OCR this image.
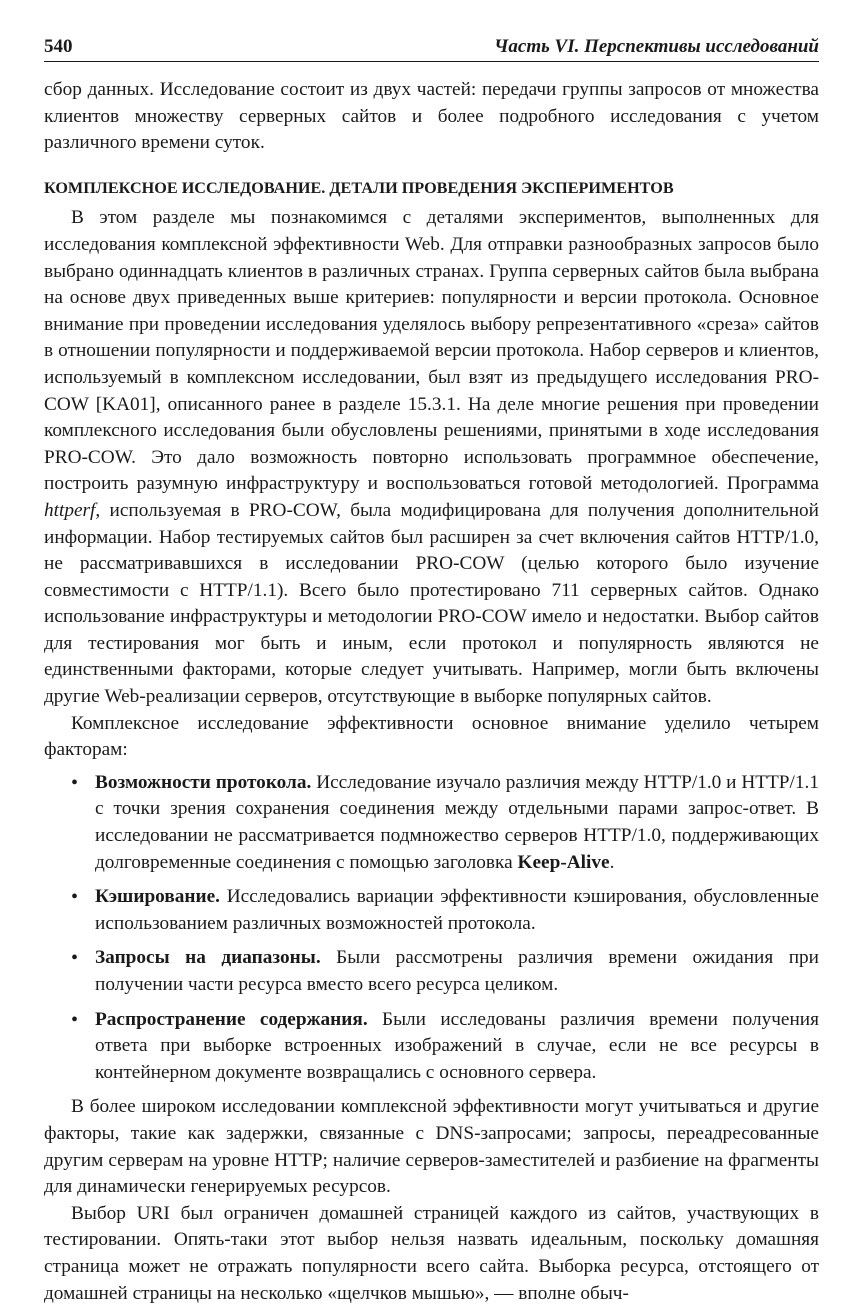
540	Часть VI. Перспективы исследований

сбор данных. Исследование состоит из двух частей: передачи группы запросов от множества клиентов множеству серверных сайтов и более подробного исследования с учетом различного времени суток.

КОМПЛЕКСНОЕ ИССЛЕДОВАНИЕ. ДЕТАЛИ ПРОВЕДЕНИЯ ЭКСПЕРИМЕНТОВ

В этом разделе мы познакомимся с деталями экспериментов, выполненных для исследования комплексной эффективности Web. Для отправки разнообразных запросов было выбрано одиннадцать клиентов в различных странах. Группа серверных сайтов была выбрана на основе двух приведенных выше критериев: популярности и версии протокола. Основное внимание при проведении исследования уделялось выбору репрезентативного «среза» сайтов в отношении популярности и поддерживаемой версии протокола. Набор серверов и клиентов, используемый в комплексном исследовании, был взят из предыдущего исследования PRO-COW [KA01], описанного ранее в разделе 15.3.1. На деле многие решения при проведении комплексного исследования были обусловлены решениями, принятыми в ходе исследования PRO-COW. Это дало возможность повторно использовать программное обеспечение, построить разумную инфраструктуру и воспользоваться готовой методологией. Программа httperf, используемая в PRO-COW, была модифицирована для получения дополнительной информации. Набор тестируемых сайтов был расширен за счет включения сайтов HTTP/1.0, не рассматривавшихся в исследовании PRO-COW (целью которого было изучение совместимости с HTTP/1.1). Всего было протестировано 711 серверных сайтов. Однако использование инфраструктуры и методологии PRO-COW имело и недостатки. Выбор сайтов для тестирования мог быть и иным, если протокол и популярность являются не единственными факторами, которые следует учитывать. Например, могли быть включены другие Web-реализации серверов, отсутствующие в выборке популярных сайтов.

Комплексное исследование эффективности основное внимание уделило четырем факторам:

• Возможности протокола. Исследование изучало различия между HTTP/1.0 и HTTP/1.1 с точки зрения сохранения соединения между отдельными парами запрос-ответ. В исследовании не рассматривается подмножество серверов HTTP/1.0, поддерживающих долговременные соединения с помощью заголовка Keep-Alive.
• Кэширование. Исследовались вариации эффективности кэширования, обусловленные использованием различных возможностей протокола.
• Запросы на диапазоны. Были рассмотрены различия времени ожидания при получении части ресурса вместо всего ресурса целиком.
• Распространение содержания. Были исследованы различия времени получения ответа при выборке встроенных изображений в случае, если не все ресурсы в контейнерном документе возвращались с основного сервера.

В более широком исследовании комплексной эффективности могут учитываться и другие факторы, такие как задержки, связанные с DNS-запросами; запросы, переадресованные другим серверам на уровне HTTP; наличие серверов-заместителей и разбиение на фрагменты для динамически генерируемых ресурсов.

Выбор URI был ограничен домашней страницей каждого из сайтов, участвующих в тестировании. Опять-таки этот выбор нельзя назвать идеальным, поскольку домашняя страница может не отражать популярности всего сайта. Выборка ресурса, отстоящего от домашней страницы на несколько «щелчков мышью», — вполне обыч-
